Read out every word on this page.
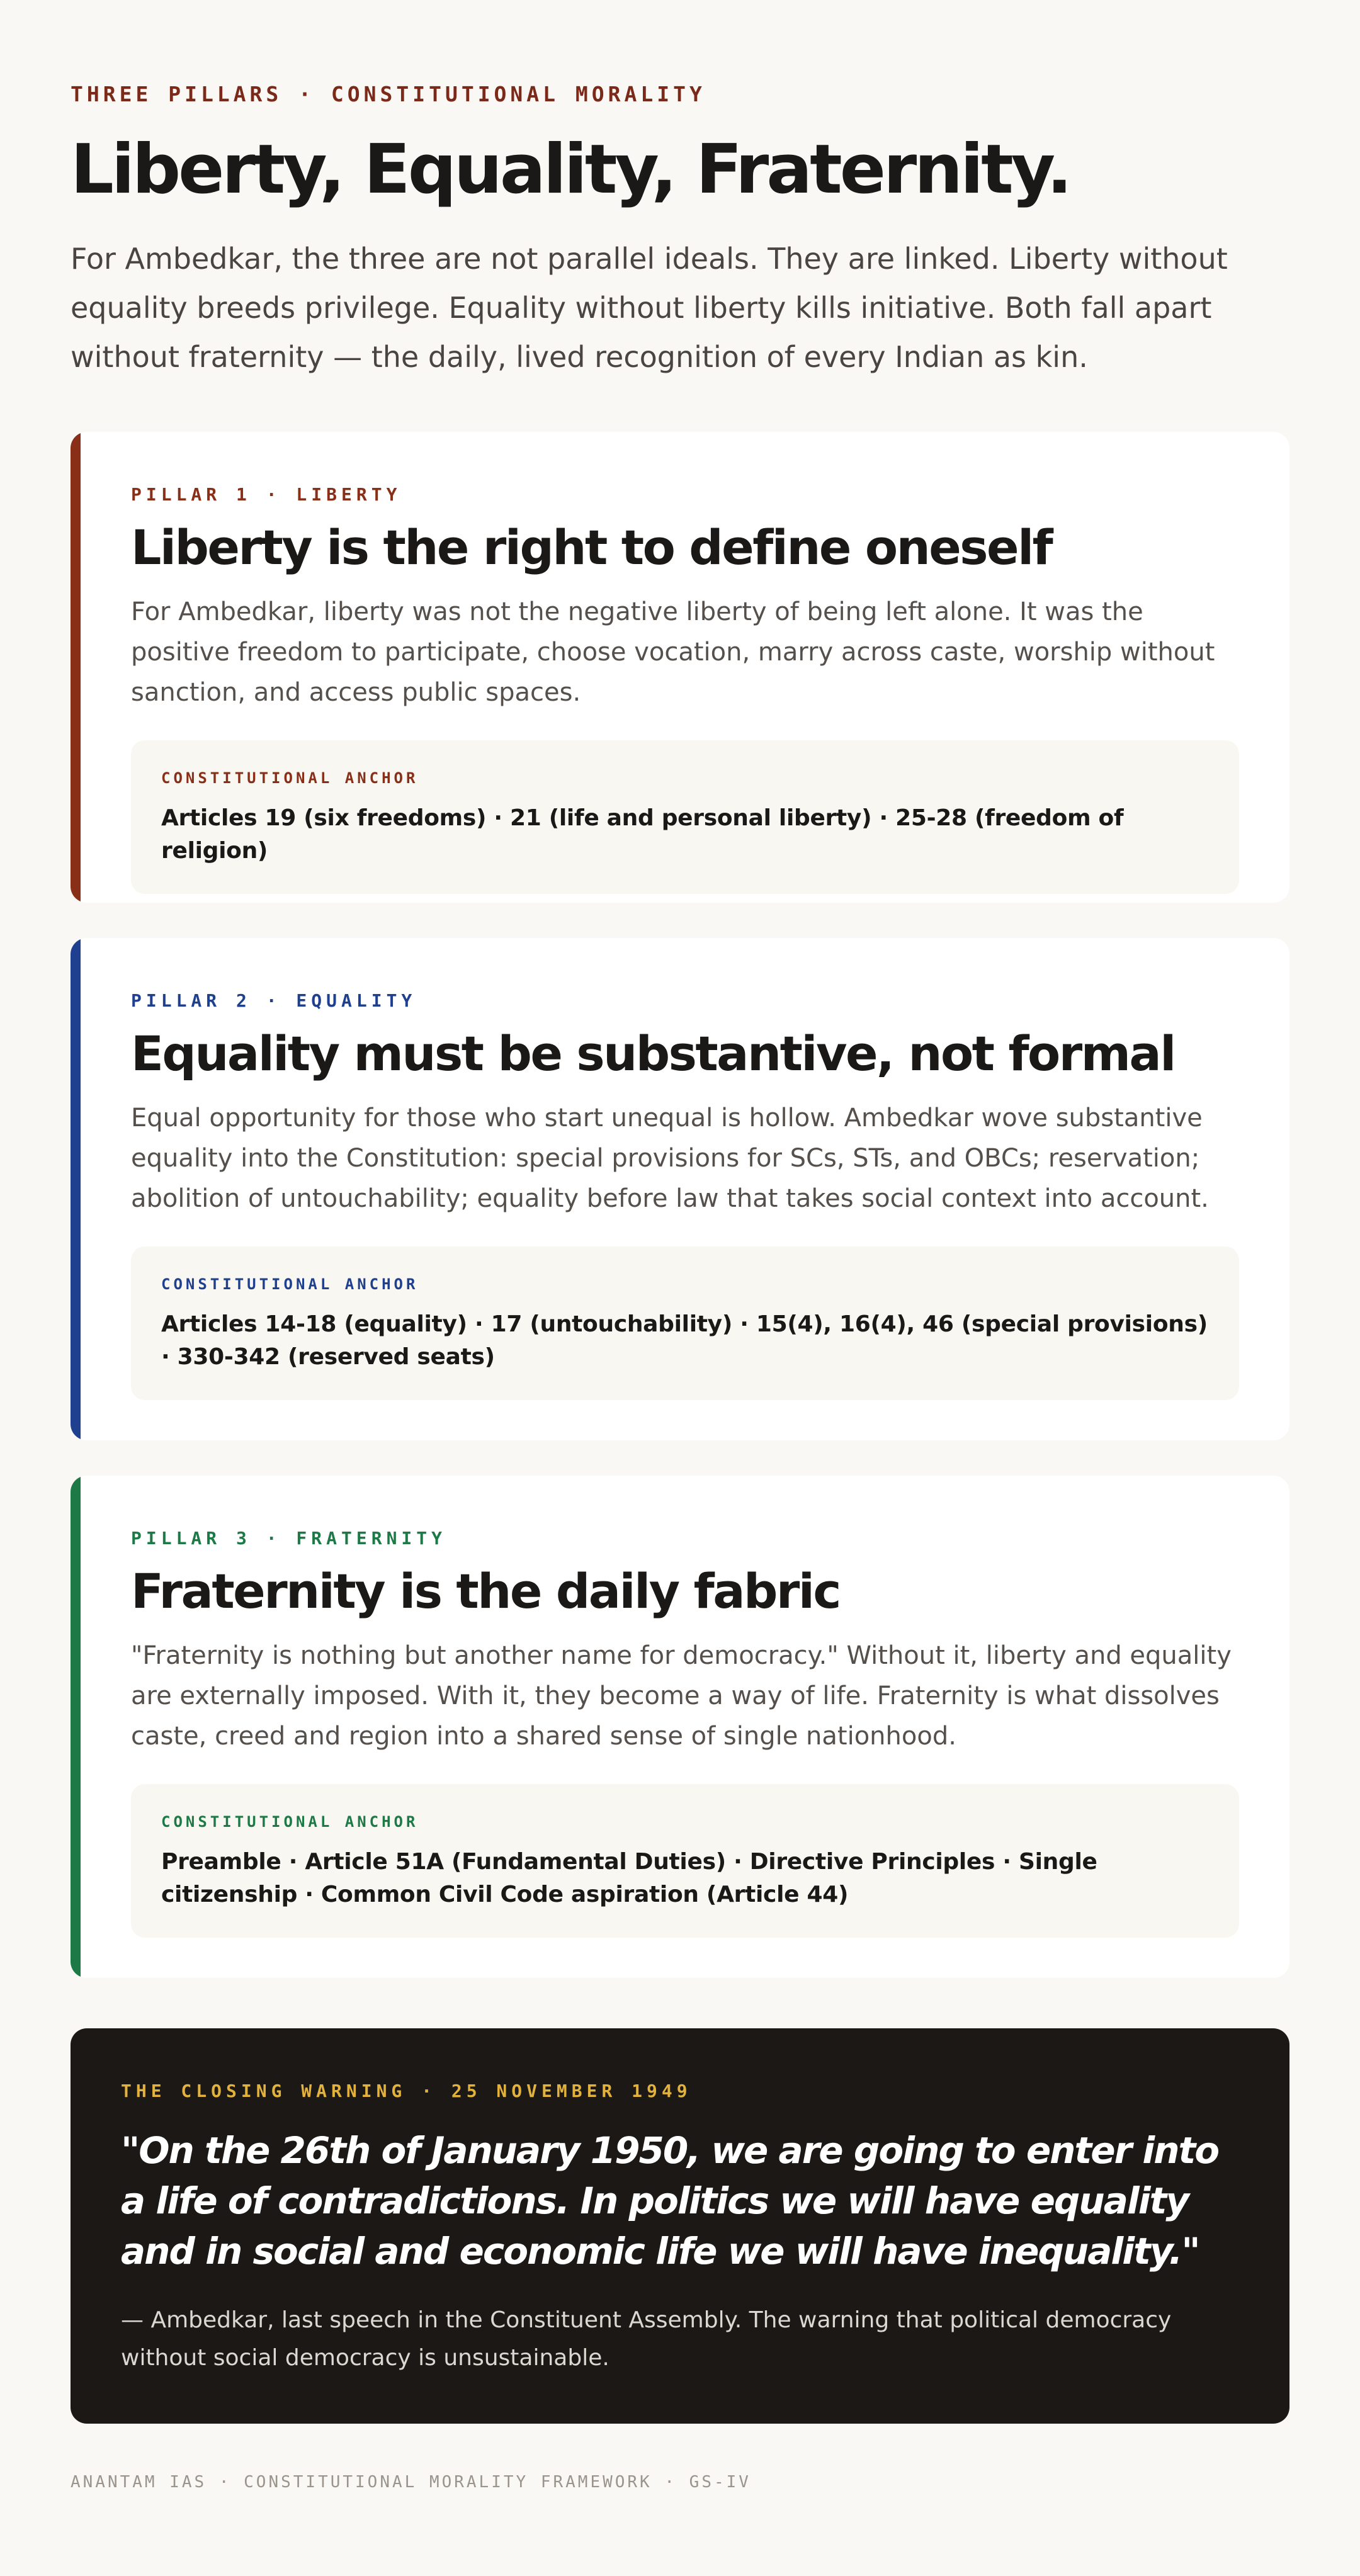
THREE PILLARS · CONSTITUTIONAL MORALITY
Liberty, Equality, Fraternity.

For Ambedkar, the three are not parallel ideals. They are linked. Liberty without equality breeds privilege. Equality without liberty kills initiative. Both fall apart without fraternity — the daily, lived recognition of every Indian as kin.

PILLAR 1 · LIBERTY
Liberty is the right to define oneself

For Ambedkar, liberty was not the negative liberty of being left alone. It was the positive freedom to participate, choose vocation, marry across caste, worship without sanction, and access public spaces.

CONSTITUTIONAL ANCHOR
Articles 19 (six freedoms) · 21 (life and personal liberty) · 25-28 (freedom of religion)
PILLAR 2 · EQUALITY
Equality must be substantive, not formal

Equal opportunity for those who start unequal is hollow. Ambedkar wove substantive equality into the Constitution: special provisions for SCs, STs, and OBCs; reservation; abolition of untouchability; equality before law that takes social context into account.

CONSTITUTIONAL ANCHOR
Articles 14-18 (equality) · 17 (untouchability) · 15(4), 16(4), 46 (special provisions) · 330-342 (reserved seats)
PILLAR 3 · FRATERNITY
Fraternity is the daily fabric

"Fraternity is nothing but another name for democracy." Without it, liberty and equality are externally imposed. With it, they become a way of life. Fraternity is what dissolves caste, creed and region into a shared sense of single nationhood.

CONSTITUTIONAL ANCHOR
Preamble · Article 51A (Fundamental Duties) · Directive Principles · Single citizenship · Common Civil Code aspiration (Article 44)
THE CLOSING WARNING · 25 NOVEMBER 1949

"On the 26th of January 1950, we are going to enter into a life of contradictions. In politics we will have equality and in social and economic life we will have inequality."

— Ambedkar, last speech in the Constituent Assembly. The warning that political democracy without social democracy is unsustainable.

ANANTAM IAS · CONSTITUTIONAL MORALITY FRAMEWORK · GS-IV
